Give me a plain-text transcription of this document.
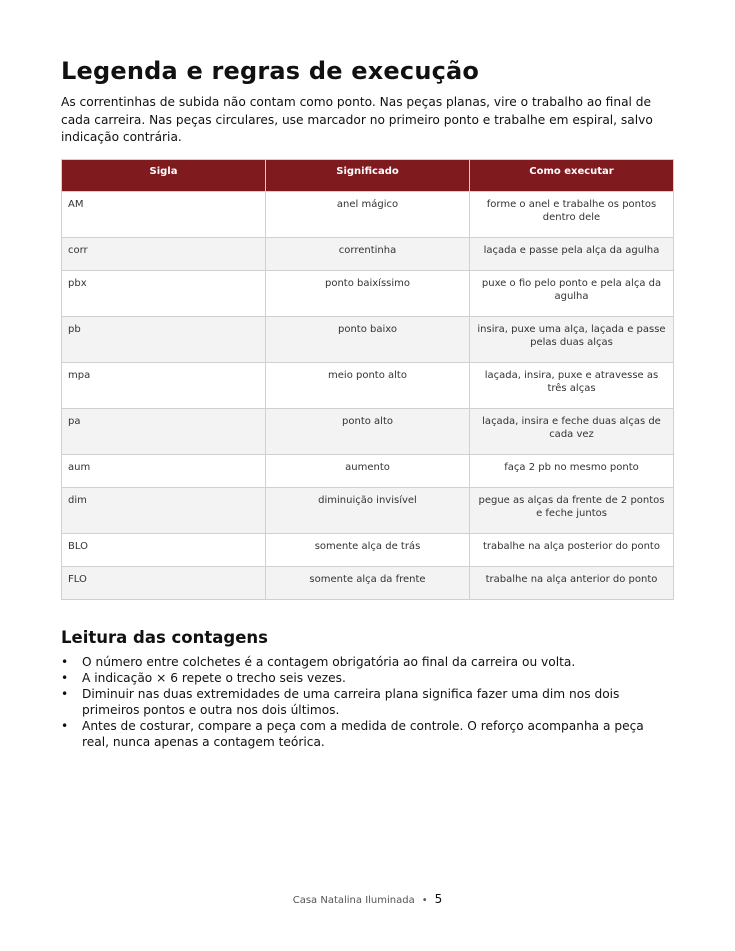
Legenda e regras de execução

As correntinhas de subida não contam como ponto. Nas peças planas, vire o trabalho ao final de cada carreira. Nas peças circulares, use marcador no primeiro ponto e trabalhe em espiral, salvo indicação contrária.

Sigla	Significado	Como executar
AM	anel mágico	forme o anel e trabalhe os pontos dentro dele
corr	correntinha	laçada e passe pela alça da agulha
pbx	ponto baixíssimo	puxe o fio pelo ponto e pela alça da agulha
pb	ponto baixo	insira, puxe uma alça, laçada e passe pelas duas alças
mpa	meio ponto alto	laçada, insira, puxe e atravesse as três alças
pa	ponto alto	laçada, insira e feche duas alças de cada vez
aum	aumento	faça 2 pb no mesmo ponto
dim	diminuição invisível	pegue as alças da frente de 2 pontos e feche juntos
BLO	somente alça de trás	trabalhe na alça posterior do ponto
FLO	somente alça da frente	trabalhe na alça anterior do ponto
Leitura das contagens
• O número entre colchetes é a contagem obrigatória ao final da carreira ou volta.
• A indicação × 6 repete o trecho seis vezes.
• Diminuir nas duas extremidades de uma carreira plana significa fazer uma dim nos dois primeiros pontos e outra nos dois últimos.
• Antes de costurar, compare a peça com a medida de controle. O reforço acompanha a peça real, nunca apenas a contagem teórica.
Casa Natalina Iluminada • 5
